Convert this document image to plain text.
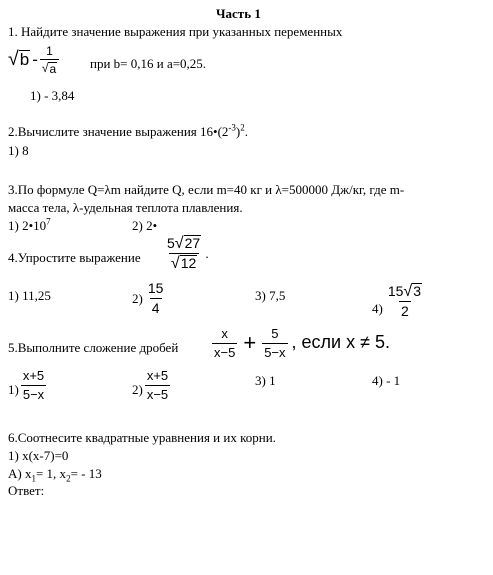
Часть 1
1. Найдите значение выражения при указанных переменных
√ b - $\frac{1}{√ a}$ при b= 0,16 и а=0,25.
1) - 3,84
2.Вычислите значение выражения $16•(2^{-3})^2$.
1) 8
3.По формуле Q=λm найдите Q, если m=40 кг и λ=500000 Дж/кг, где m-
масса тела, λ-удельная теплота плавления.
1) $2•10^7$	2) 2•
4.Упростите выражение $\frac{5 √ 27}{√ 12}$ .
1) 11,25	$2) \frac{15}{4}$	3) 7,5
$4) \frac{15 √ 3}{2}$
5.Выполните сложение дробей	$\frac{x}{x-5} + \frac{5}{5-x}$ , если x ≠ 5.
$1) \frac{x+5}{5-x}$	$2) \frac{x+5}{x-5}$	3) 1	4) - 1
6.Соотнесите квадратные уравнения и их корни.
1) x(x-7)=0
А) $x_1= 1$, $x_2= - 13$
Ответ:
